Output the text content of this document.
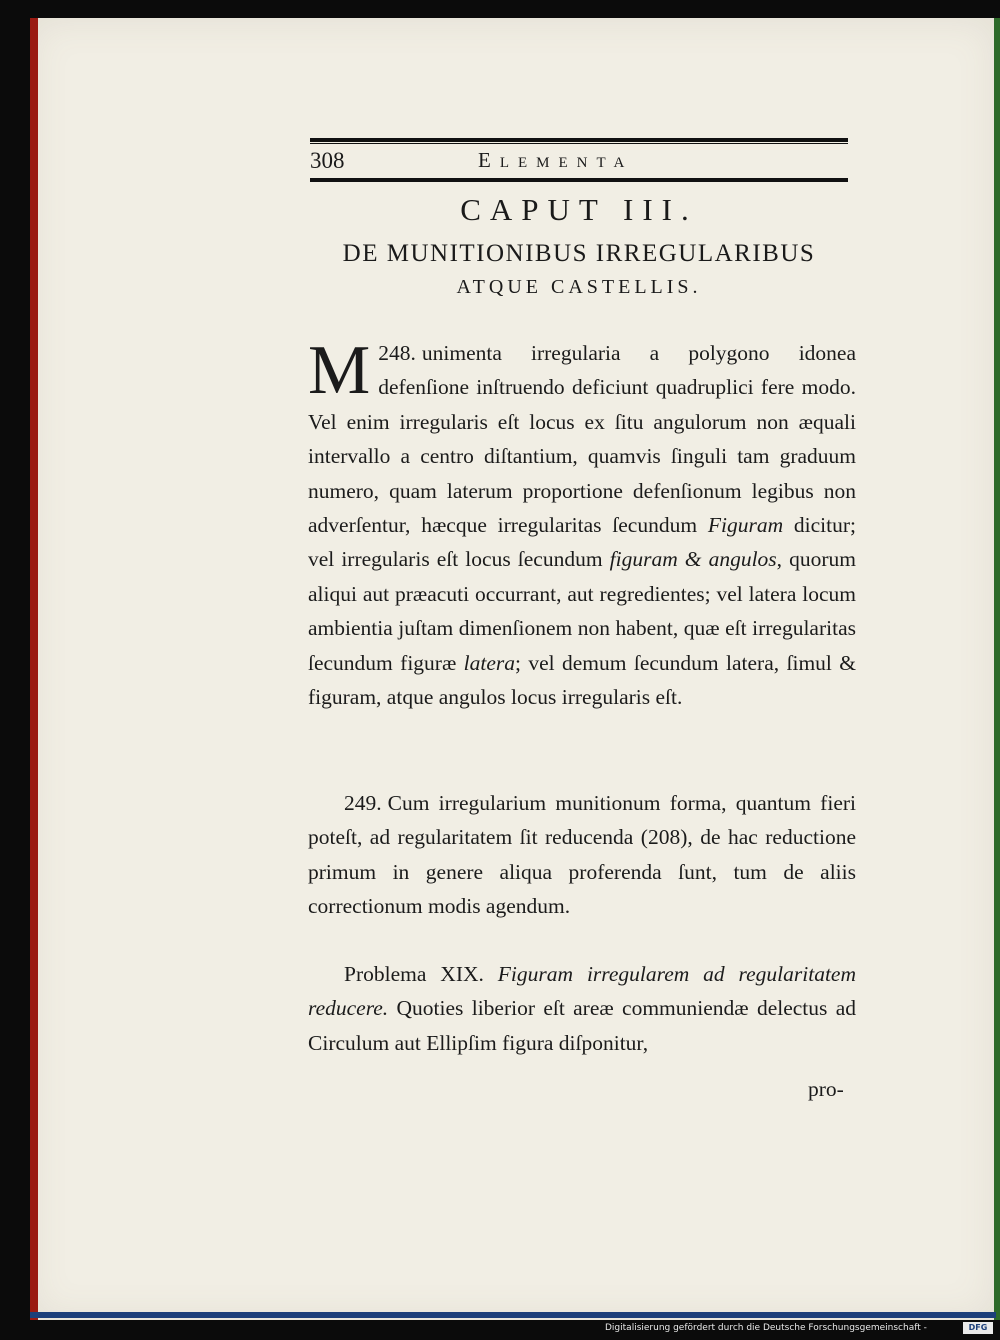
308	Elementa
CAPUT III.
DE MUNITIONIBUS IRREGULARIBUS
ATQUE CASTELLIS.

248.
M unimenta irregularia a polygono idonea defenſione inſtruendo deficiunt quadruplici fere modo. Vel enim irregularis eſt locus ex ſitu angulorum non æquali intervallo a centro diſtantium, quamvis ſinguli tam graduum numero, quam laterum proportione defenſionum legibus non adverſentur, hæcque irregularitas ſecundum Figuram dicitur; vel irregularis eſt locus ſecundum figuram & angulos, quorum aliqui aut præacuti occurrant, aut regredientes; vel latera locum ambientia juſtam dimenſionem non habent, quæ eſt irregularitas ſecundum figuræ latera; vel demum ſecundum latera, ſimul & figuram, atque angulos locus irregularis eſt.

249. Cum irregularium munitionum forma, quantum fieri poteſt, ad regularitatem ſit reducenda (208), de hac reductione primum in genere aliqua proferenda ſunt, tum de aliis correctionum modis agendum.

Problema XIX. Figuram irregularem ad regularitatem reducere. Quoties liberior eſt areæ communiendæ delectus ad Circulum aut Ellipſim figura diſponitur,

pro-
Digitalisierung gefördert durch die Deutsche Forschungsgemeinschaft -	DFG
